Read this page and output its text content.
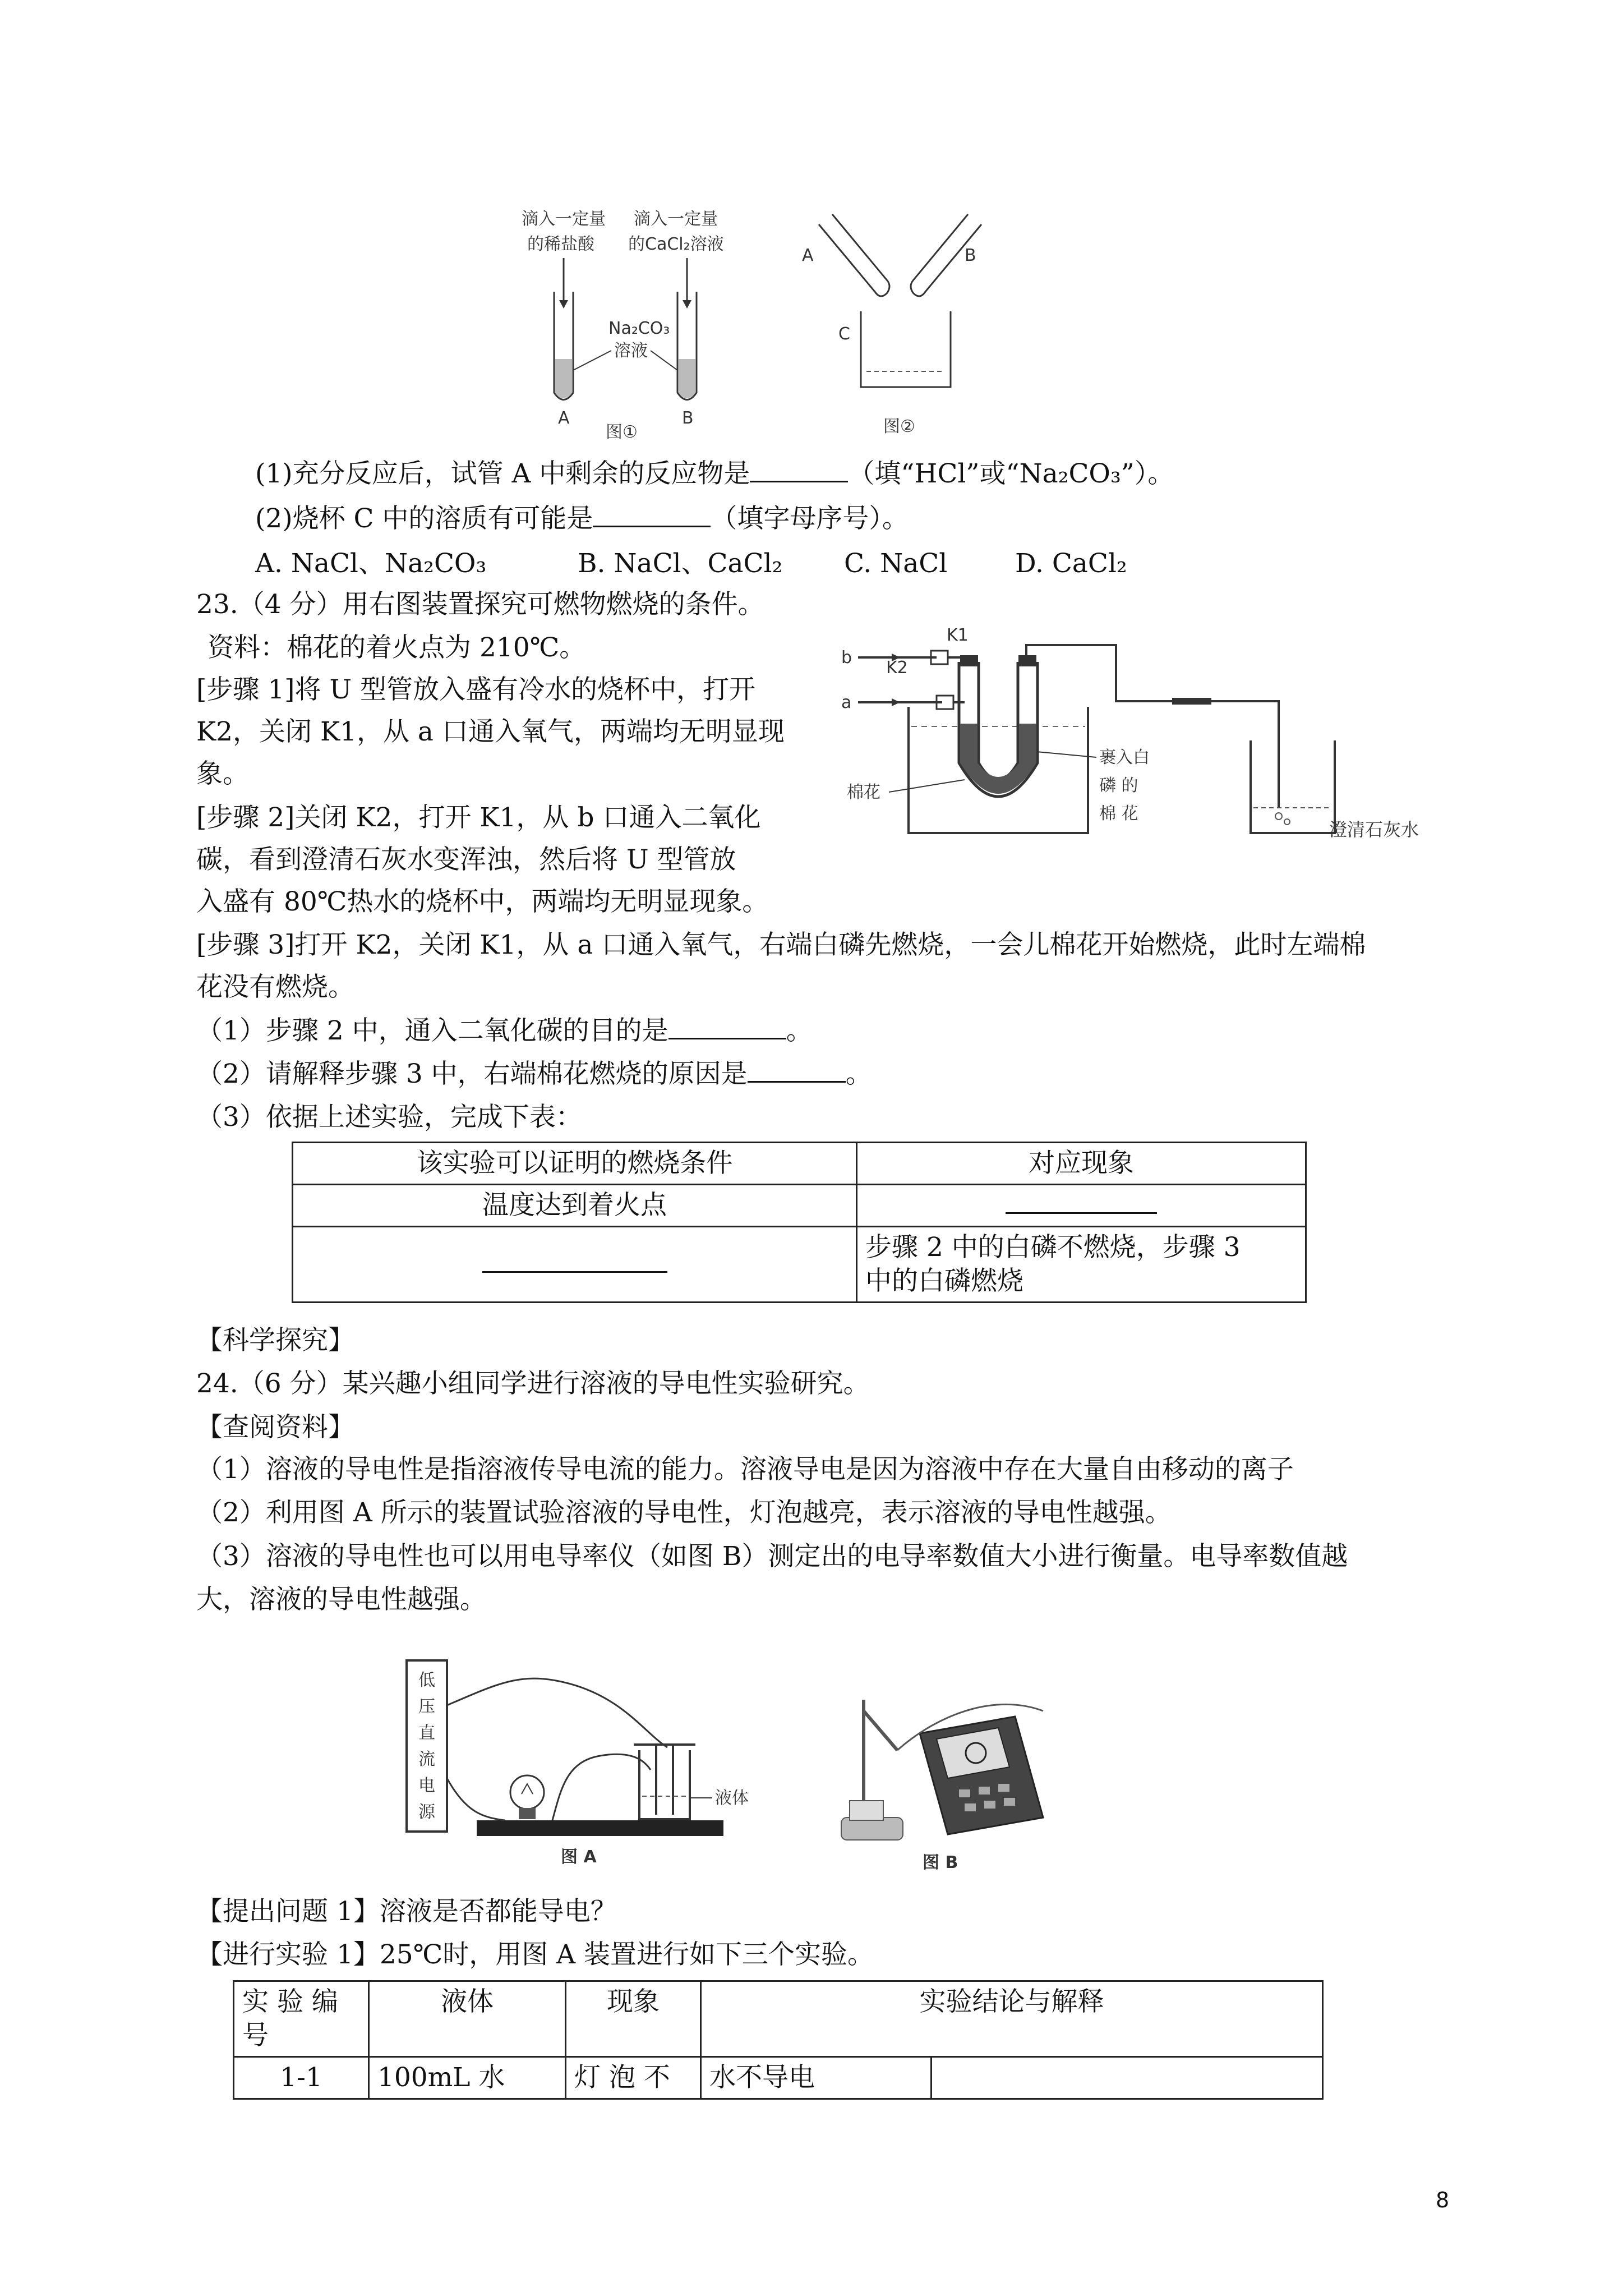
滴入一定量
的稀盐酸
滴入一定量
的CaCl₂溶液
Na₂CO₃
溶液
A	B
图①
A	B
C
图②
(1)充分反应后，试管 A 中剩余的反应物是	（填“HCl”或“Na₂CO₃”）。
(2)烧杯 C 中的溶质有可能是	（填字母序号）。
A. NaCl、Na₂CO₃	B. NaCl、CaCl₂ C. NaCl	D. CaCl₂
23.（4 分）用右图装置探究可燃物燃烧的条件。
资料：棉花的着火点为 210℃。
[步骤 1]将 U 型管放入盛有冷水的烧杯中，打开
K2，关闭 K1，从 a 口通入氧气，两端均无明显现
象。
[步骤 2]关闭 K2，打开 K1，从 b 口通入二氧化
碳，看到澄清石灰水变浑浊，然后将 U 型管放
入盛有 80℃热水的烧杯中，两端均无明显现象。
[步骤 3]打开 K2，关闭 K1，从 a 口通入氧气，右端白磷先燃烧，一会儿棉花开始燃烧，此时左端棉
花没有燃烧。
K1
K2
b
a
棉花
裹入白
磷 的
棉 花
澄清石灰水
（1）步骤 2 中，通入二氧化碳的目的是	。
（2）请解释步骤 3 中，右端棉花燃烧的原因是	。
（3）依据上述实验，完成下表：
该实验可以证明的燃烧条件	对应现象
温度达到着火点	

	步骤 2 中的白磷不燃烧，步骤 3
中的白磷燃烧
【科学探究】
24.（6 分）某兴趣小组同学进行溶液的导电性实验研究。
【查阅资料】
（1）溶液的导电性是指溶液传导电流的能力。溶液导电是因为溶液中存在大量自由移动的离子
（2）利用图 A 所示的装置试验溶液的导电性，灯泡越亮，表示溶液的导电性越强。
（3）溶液的导电性也可以用电导率仪（如图 B）测定出的电导率数值大小进行衡量。电导率数值越
大，溶液的导电性越强。
低
压
直
流
电
源
液体
图 A	图 B
【提出问题 1】溶液是否都能导电？
【进行实验 1】25℃时，用图 A 装置进行如下三个实验。
实 验 编
号	液体	现象	实验结论与解释	
1-1	100mL 水	灯 泡 不	水不导电	
8
